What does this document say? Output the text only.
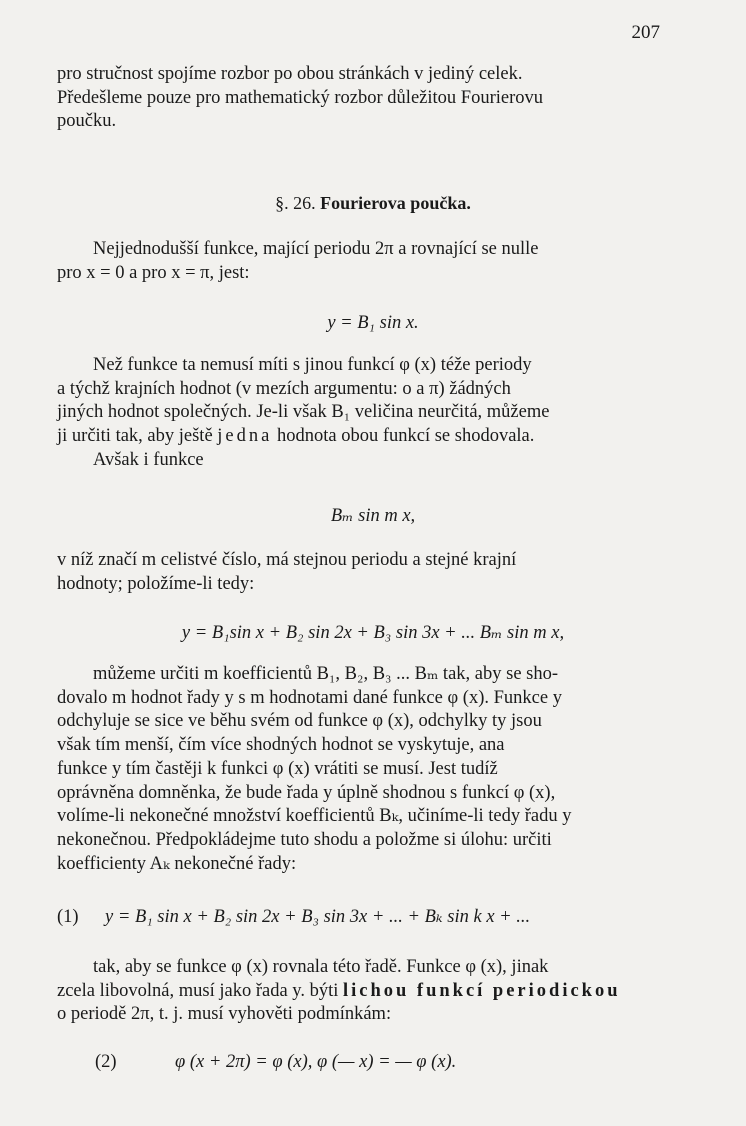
207
pro stručnost spojíme rozbor po obou stránkách v jediný celek.
Předešleme pouze pro mathematický rozbor důležitou Fourierovu
poučku.
§. 26. Fourierova poučka.
Nejjednodušší funkce, mající periodu 2π a rovnající se nulle
pro x = 0 a pro x = π, jest:
y = B₁ sin x.
Než funkce ta nemusí míti s jinou funkcí φ (x) téže periody
a týchž krajních hodnot (v mezích argumentu: o a π) žádných
jiných hodnot společných. Je-li však B₁ veličina neurčitá, můžeme
ji určiti tak, aby ještě jedna hodnota obou funkcí se shodovala.
Avšak i funkce
Bₘ sin m x,
v níž značí m celistvé číslo, má stejnou periodu a stejné krajní
hodnoty; položíme-li tedy:
y = B₁sin x + B₂ sin 2x + B₃ sin 3x + ... Bₘ sin m x,
můžeme určiti m koefficientů B₁, B₂, B₃ ... Bₘ tak, aby se sho-
dovalo m hodnot řady y s m hodnotami dané funkce φ (x). Funkce y
odchyluje se sice ve běhu svém od funkce φ (x), odchylky ty jsou
však tím menší, čím více shodných hodnot se vyskytuje, ana
funkce y tím častěji k funkci φ (x) vrátiti se musí. Jest tudíž
oprávněna domněnka, že bude řada y úplně shodnou s funkcí φ (x),
volíme-li nekonečné množství koefficientů Bₖ, učiníme-li tedy řadu y
nekonečnou. Předpokládejme tuto shodu a položme si úlohu: určiti
koefficienty Aₖ nekonečné řady:
(1) y = B₁ sin x + B₂ sin 2x + B₃ sin 3x + ... + Bₖ sin k x + ...
tak, aby se funkce φ (x) rovnala této řadě. Funkce φ (x), jinak
zcela libovolná, musí jako řada y. býti lichou funkcí periodickou
o periodě 2π, t. j. musí vyhověti podmínkám:
(2)	φ (x + 2π) = φ (x), φ (— x) = — φ (x).
